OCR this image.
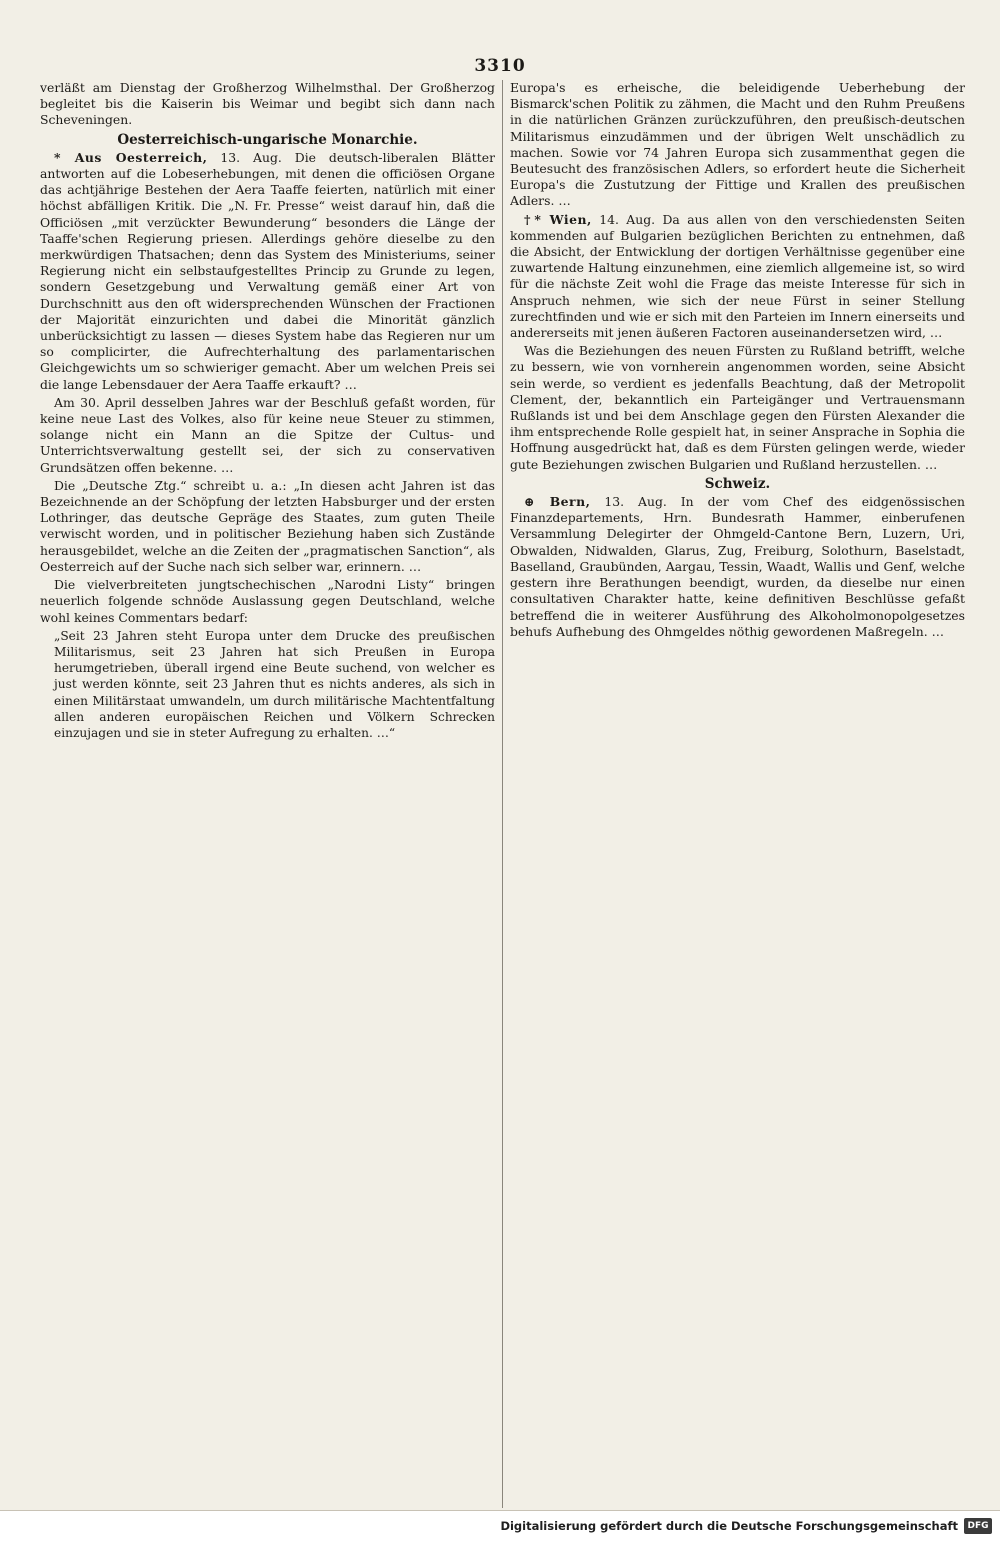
3310

verläßt am Dienstag der Großherzog Wilhelmsthal. Der Großherzog begleitet bis die Kaiserin bis Weimar und begibt sich dann nach Scheveningen.

Oesterreichisch-ungarische Monarchie.

* Aus Oesterreich, 13. Aug. Die deutsch-liberalen Blätter antworten auf die Lobeserhebungen, mit denen die officiösen Organe das achtjährige Bestehen der Aera Taaffe feierten, natürlich mit einer höchst abfälligen Kritik. Die „N. Fr. Presse“ weist darauf hin, daß die Officiösen „mit verzückter Bewunderung“ besonders die Länge der Taaffe'schen Regierung priesen. Allerdings gehöre dieselbe zu den merkwürdigen Thatsachen; denn das System des Ministeriums, seiner Regierung nicht ein selbstaufgestelltes Princip zu Grunde zu legen, sondern Gesetzgebung und Verwaltung gemäß einer Art von Durchschnitt aus den oft widersprechenden Wünschen der Fractionen der Majorität einzurichten und dabei die Minorität gänzlich unberücksichtigt zu lassen — dieses System habe das Regieren nur um so complicirter, die Aufrechterhaltung des parlamentarischen Gleichgewichts um so schwieriger gemacht. Aber um welchen Preis sei die lange Lebensdauer der Aera Taaffe erkauft? …

Am 30. April desselben Jahres war der Beschluß gefaßt worden, für keine neue Last des Volkes, also für keine neue Steuer zu stimmen, solange nicht ein Mann an die Spitze der Cultus- und Unterrichtsverwaltung gestellt sei, der sich zu conservativen Grundsätzen offen bekenne. …

Die „Deutsche Ztg.“ schreibt u. a.: „In diesen acht Jahren ist das Bezeichnende an der Schöpfung der letzten Habsburger und der ersten Lothringer, das deutsche Gepräge des Staates, zum guten Theile verwischt worden, und in politischer Beziehung haben sich Zustände herausgebildet, welche an die Zeiten der „pragmatischen Sanction“, als Oesterreich auf der Suche nach sich selber war, erinnern. …

Die vielverbreiteten jungtschechischen „Narodni Listy“ bringen neuerlich folgende schnöde Auslassung gegen Deutschland, welche wohl keines Commentars bedarf:

„Seit 23 Jahren steht Europa unter dem Drucke des preußischen Militarismus, seit 23 Jahren hat sich Preußen in Europa herumgetrieben, überall irgend eine Beute suchend, von welcher es just werden könnte, seit 23 Jahren thut es nichts anderes, als sich in einen Militärstaat umwandeln, um durch militärische Machtentfaltung allen anderen europäischen Reichen und Völkern Schrecken einzujagen und sie in steter Aufregung zu erhalten. …“

Europa's es erheische, die beleidigende Ueberhebung der Bismarck'schen Politik zu zähmen, die Macht und den Ruhm Preußens in die natürlichen Gränzen zurückzuführen, den preußisch-deutschen Militarismus einzudämmen und der übrigen Welt unschädlich zu machen. Sowie vor 74 Jahren Europa sich zusammenthat gegen die Beutesucht des französischen Adlers, so erfordert heute die Sicherheit Europa's die Zustutzung der Fittige und Krallen des preußischen Adlers. …

†* Wien, 14. Aug. Da aus allen von den verschiedensten Seiten kommenden auf Bulgarien bezüglichen Berichten zu entnehmen, daß die Absicht, der Entwicklung der dortigen Verhältnisse gegenüber eine zuwartende Haltung einzunehmen, eine ziemlich allgemeine ist, so wird für die nächste Zeit wohl die Frage das meiste Interesse für sich in Anspruch nehmen, wie sich der neue Fürst in seiner Stellung zurechtfinden und wie er sich mit den Parteien im Innern einerseits und andererseits mit jenen äußeren Factoren auseinandersetzen wird, …

Was die Beziehungen des neuen Fürsten zu Rußland betrifft, welche zu bessern, wie von vornherein angenommen worden, seine Absicht sein werde, so verdient es jedenfalls Beachtung, daß der Metropolit Clement, der, bekanntlich ein Parteigänger und Vertrauensmann Rußlands ist und bei dem Anschlage gegen den Fürsten Alexander die ihm entsprechende Rolle gespielt hat, in seiner Ansprache in Sophia die Hoffnung ausgedrückt hat, daß es dem Fürsten gelingen werde, wieder gute Beziehungen zwischen Bulgarien und Rußland herzustellen. …

Schweiz.

⊕ Bern, 13. Aug. In der vom Chef des eidgenössischen Finanzdepartements, Hrn. Bundesrath Hammer, einberufenen Versammlung Delegirter der Ohmgeld-Cantone Bern, Luzern, Uri, Obwalden, Nidwalden, Glarus, Zug, Freiburg, Solothurn, Baselstadt, Baselland, Graubünden, Aargau, Tessin, Waadt, Wallis und Genf, welche gestern ihre Berathungen beendigt, wurden, da dieselbe nur einen consultativen Charakter hatte, keine definitiven Beschlüsse gefaßt betreffend die in weiterer Ausführung des Alkoholmonopolgesetzes behufs Aufhebung des Ohmgeldes nöthig gewordenen Maßregeln. …

Digitalisierung gefördert durch die Deutsche Forschungsgemeinschaft	DFG
